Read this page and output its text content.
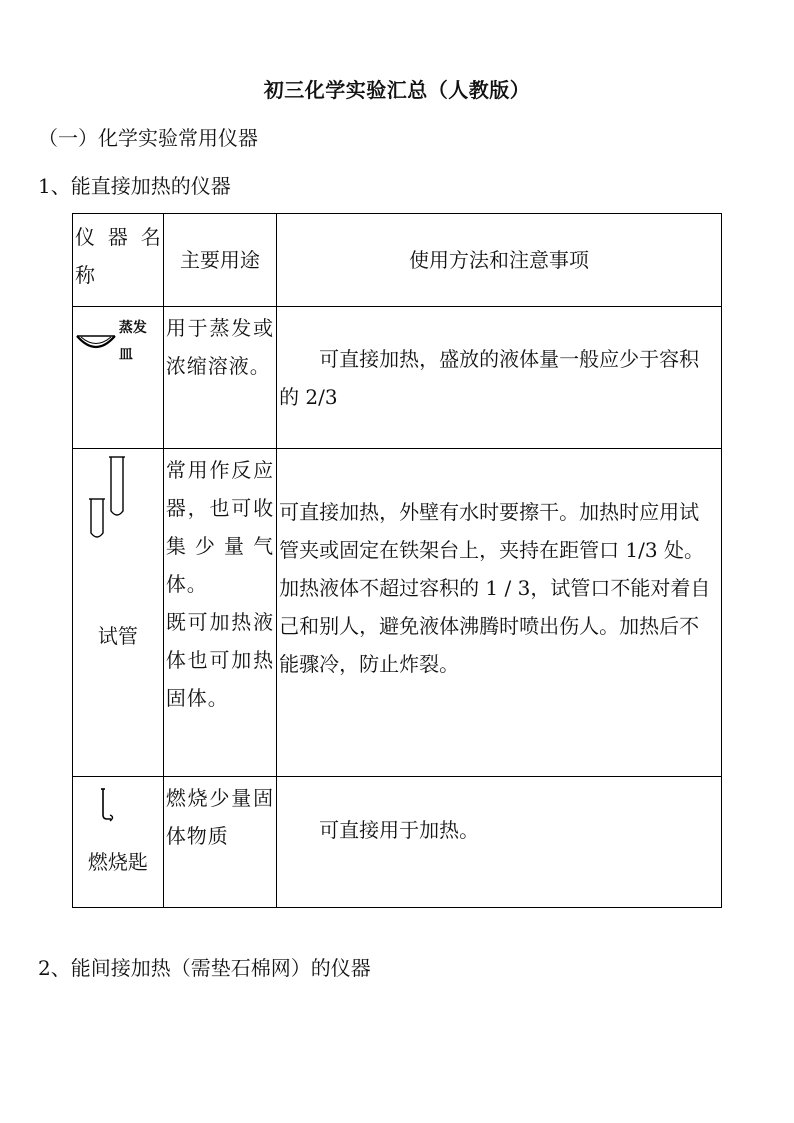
初三化学实验汇总（人教版）
（一）化学实验常用仪器
1、能直接加热的仪器
仪 器 名 称	主要用途	使用方法和注意事项

蒸发皿	用于蒸发或浓缩溶液。	可直接加热，盛放的液体量一般应少于容积的 2/3

试管	常用作反应器，也可收集少量气体。
既可加热液体也可加热固体。	可直接加热，外壁有水时要擦干。加热时应用试管夹或固定在铁架台上，夹持在距管口 1/3 处。加热液体不超过容积的 1 / 3，试管口不能对着自己和别人，避免液体沸腾时喷出伤人。加热后不能骤冷，防止炸裂。

燃烧匙	燃烧少量固体物质	可直接用于加热。
2、能间接加热（需垫石棉网）的仪器
